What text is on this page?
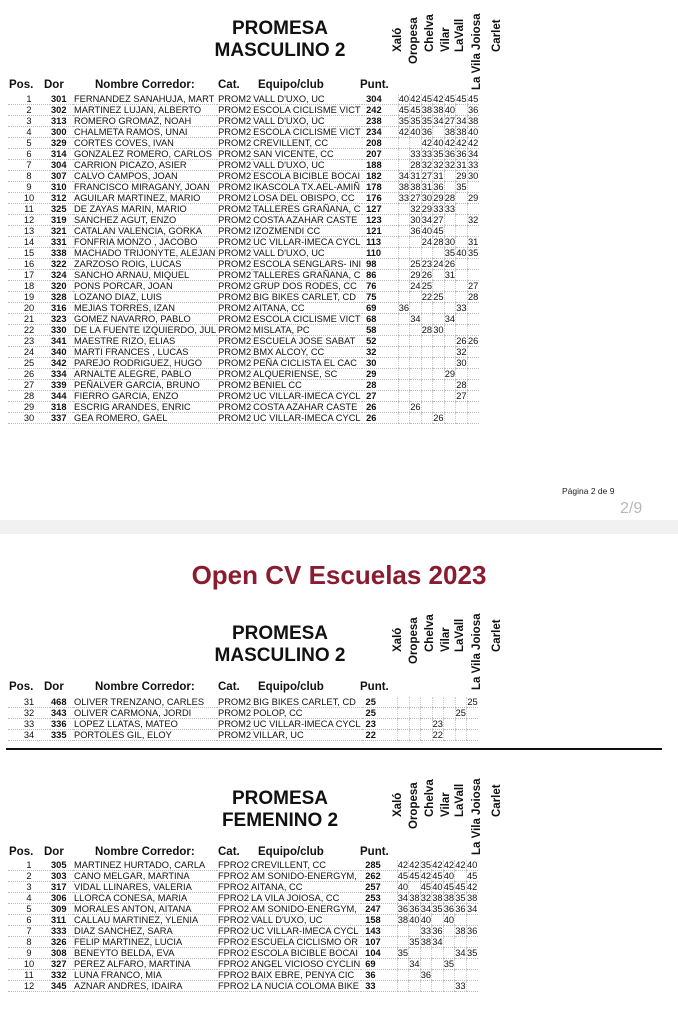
PROMESA
MASCULINO 2	Xaló Oropesa Chelva Vilar LaVall La Vila Joiosa Carlet
Pos. Dor	Nombre Corredor: Cat. Equipo/club	Punt.
1	301	FERNANDEZ SANAHUJA, MART	PROM2	VALL D'UXO, UC	304	40	42	45	42	45	45	45
2	302	MARTINEZ LUJAN, ALBERTO	PROM2	ESCOLA CICLISME VICT	242	45	45	38	38	40		36
3	313	ROMERO GROMAZ, NOAH	PROM2	VALL D'UXO, UC	238	35	35	35	34	27	34	38
4	300	CHALMETA RAMOS, UNAI	PROM2	ESCOLA CICLISME VICT	234	42	40	36		38	38	40
5	329	CORTES COVES, IVAN	PROM2	CREVILLENT, CC	208			42	40	42	42	42
6	314	GONZALEZ ROMERO, CARLOS	PROM2	SAN VICENTE, CC	207		33	33	35	36	36	34
7	304	CARRION PICAZO, ASIER	PROM2	VALL D'UXO, UC	188		28	32	32	32	31	33
8	307	CALVO CAMPOS, JOAN	PROM2	ESCOLA BICIBLE BOCAI	182	34	31	27	31		29	30
9	310	FRANCISCO MIRAGANY, JOAN	PROM2	IKASCOLA TX.AEL-AMIÑ	178	38	38	31	36		35	
10	312	AGUILAR MARTINEZ, MARIO	PROM2	LOSA DEL OBISPO, CC	176	33	27	30	29	28		29
11	325	DE ZAYAS MARIN, MARIO	PROM2	TALLERES GRAÑANA, C	127		32	29	33	33		
12	319	SANCHEZ AGUT, ENZO	PROM2	COSTA AZAHAR CASTE	123		30	34	27			32
13	321	CATALAN VALENCIA, GORKA	PROM2	IZOZMENDI CC	121		36	40	45			
14	331	FONFRIA MONZO , JACOBO	PROM2	UC VILLAR-IMECA CYCL	113			24	28	30		31
15	338	MACHADO TRIJONYTE, ALEJAN	PROM2	VALL D'UXO, UC	110					35	40	35
16	322	ZARZOSO ROIG, LUCAS	PROM2	ESCOLA SENGLARS- INI	98		25	23	24	26		
17	324	SANCHO ARNAU, MIQUEL	PROM2	TALLERES GRAÑANA, C	86		29	26		31		
18	320	PONS PORCAR, JOAN	PROM2	GRUP DOS RODES, CC	76		24	25				27
19	328	LOZANO DIAZ, LUIS	PROM2	BIG BIKES CARLET, CD	75			22	25			28
20	316	MEJIAS TORRES, IZAN	PROM2	AITANA, CC	69	36					33	
21	323	GOMEZ NAVARRO, PABLO	PROM2	ESCOLA CICLISME VICT	68		34			34		
22	330	DE LA FUENTE IZQUIERDO, JUL	PROM2	MISLATA, PC	58			28	30			
23	341	MAESTRE RIZO, ELIAS	PROM2	ESCUELA JOSE SABAT	52						26	26
24	340	MARTI FRANCES , LUCAS	PROM2	BMX ALCOY, CC	32						32	
25	342	PAREJO RODRIGUEZ, HUGO	PROM2	PEÑA CICLISTA EL CAC	30						30	
26	334	ARNALTE ALEGRE, PABLO	PROM2	ALQUERIENSE, SC	29					29		
27	339	PEÑALVER GARCIA, BRUNO	PROM2	BENIEL CC	28						28	
28	344	FIERRO GARCIA, ENZO	PROM2	UC VILLAR-IMECA CYCL	27						27	
29	318	ESCRIG ARANDES, ENRIC	PROM2	COSTA AZAHAR CASTE	26		26					
30	337	GEA ROMERO, GAEL	PROM2	UC VILLAR-IMECA CYCL	26				26			
Página 2 de 9
2/9
Open CV Escuelas 2023
PROMESA
MASCULINO 2
Xaló Oropesa Chelva Vilar LaVall La Vila Joiosa Carlet
Pos. Dor	Nombre Corredor: Cat. Equipo/club	Punt.
31	468	OLIVER TRENZANO, CARLES	PROM2	BIG BIKES CARLET, CD	25							25
32	343	OLIVER CARMONA, JORDI	PROM2	POLOP, CC	25						25	
33	336	LOPEZ LLATAS, MATEO	PROM2	UC VILLAR-IMECA CYCL	23				23			
34	335	PORTOLES GIL, ELOY	PROM2	VILLAR, UC	22				22			
PROMESA
FEMENINO 2
Xaló Oropesa Chelva Vilar LaVall La Vila Joiosa Carlet
Pos. Dor	Nombre Corredor: Cat. Equipo/club	Punt.
1	305	MARTINEZ HURTADO, CARLA	FPRO2	CREVILLENT, CC	285	42	42	35	42	42	42	40
2	303	CANO MELGAR, MARTINA	FPRO2	AM SONIDO-ENERGYM,	262	45	45	42	45	40		45
3	317	VIDAL LLINARES, VALERIA	FPRO2	AITANA, CC	257	40		45	40	45	45	42
4	306	LLORCA CONESA, MARIA	FPRO2	LA VILA JOIOSA, CC	253	34	38	32	38	38	35	38
5	309	MORALES ANTON, AITANA	FPRO2	AM SONIDO-ENERGYM,	247	36	36	34	35	36	36	34
6	311	CALLAU MARTINEZ, YLENIA	FPRO2	VALL D'UXO, UC	158	38	40	40		40		
7	333	DIAZ SANCHEZ, SARA	FPRO2	UC VILLAR-IMECA CYCL	143			33	36		38	36
8	326	FELIP MARTINEZ, LUCIA	FPRO2	ESCUELA CICLISMO OR	107		35	38	34			
9	308	BENEYTO BELDA, EVA	FPRO2	ESCOLA BICIBLE BOCAI	104	35					34	35
10	327	PEREZ ALFARO, MARTINA	FPRO2	ANGEL VICIOSO CYCLIN	69		34			35		
11	332	LUNA FRANCO, MIA	FPRO2	BAIX EBRE, PENYA CIC	36			36				
12	345	AZNAR ANDRES, IDAIRA	FPRO2	LA NUCIA COLOMA BIKE	33						33	
